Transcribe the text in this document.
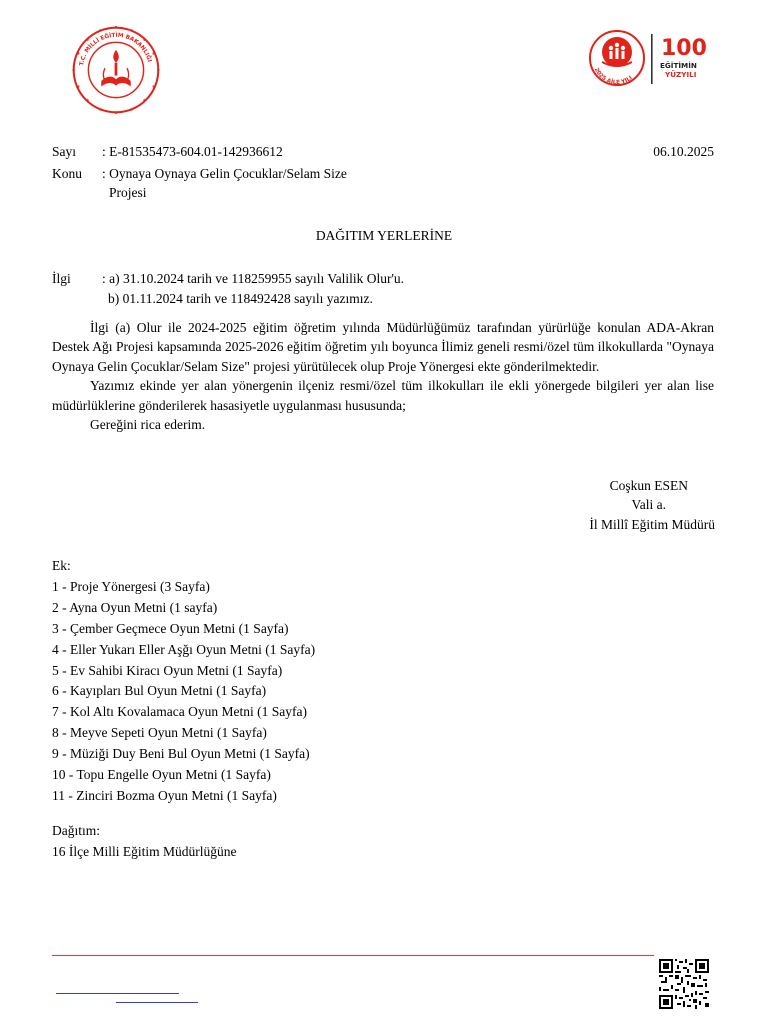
T.C. MİLLÎ EĞİTİM BAKANLIĞI
2025 AİLE YILI
100
EĞİTİMİN
YÜZYILI
Sayı : E-81535473-604.01-142936612	06.10.2025
Konu : Oynaya Oynaya Gelin Çocuklar/Selam Size
Projesi
DAĞITIM YERLERİNE
İlgi : a) 31.10.2024 tarih ve 118259955 sayılı Valilik Olur'u.
b) 01.11.2024 tarih ve 118492428 sayılı yazımız.

İlgi (a) Olur ile 2024-2025 eğitim öğretim yılında Müdürlüğümüz tarafından yürürlüğe konulan ADA-Akran Destek Ağı Projesi kapsamında 2025-2026 eğitim öğretim yılı boyunca İlimiz geneli resmi/özel tüm ilkokullarda "Oynaya Oynaya Gelin Çocuklar/Selam Size" projesi yürütülecek olup Proje Yönergesi ekte gönderilmektedir.

Yazımız ekinde yer alan yönergenin ilçeniz resmi/özel tüm ilkokulları ile ekli yönergede bilgileri yer alan lise müdürlüklerine gönderilerek hasasiyetle uygulanması hususunda;

Gereğini rica ederim.

Coşkun ESEN
Vali a.
İl Millî Eğitim Müdürü
Ek:
1 - Proje Yönergesi (3 Sayfa)
2 - Ayna Oyun Metni (1 sayfa)
3 - Çember Geçmece Oyun Metni (1 Sayfa)
4 - Eller Yukarı Eller Aşğı Oyun Metni (1 Sayfa)
5 - Ev Sahibi Kiracı Oyun Metni (1 Sayfa)
6 - Kayıpları Bul Oyun Metni (1 Sayfa)
7 - Kol Altı Kovalamaca Oyun Metni (1 Sayfa)
8 - Meyve Sepeti Oyun Metni (1 Sayfa)
9 - Müziği Duy Beni Bul Oyun Metni (1 Sayfa)
10 - Topu Engelle Oyun Metni (1 Sayfa)
11 - Zinciri Bozma Oyun Metni (1 Sayfa)
Dağıtım:
16 İlçe Milli Eğitim Müdürlüğüne
